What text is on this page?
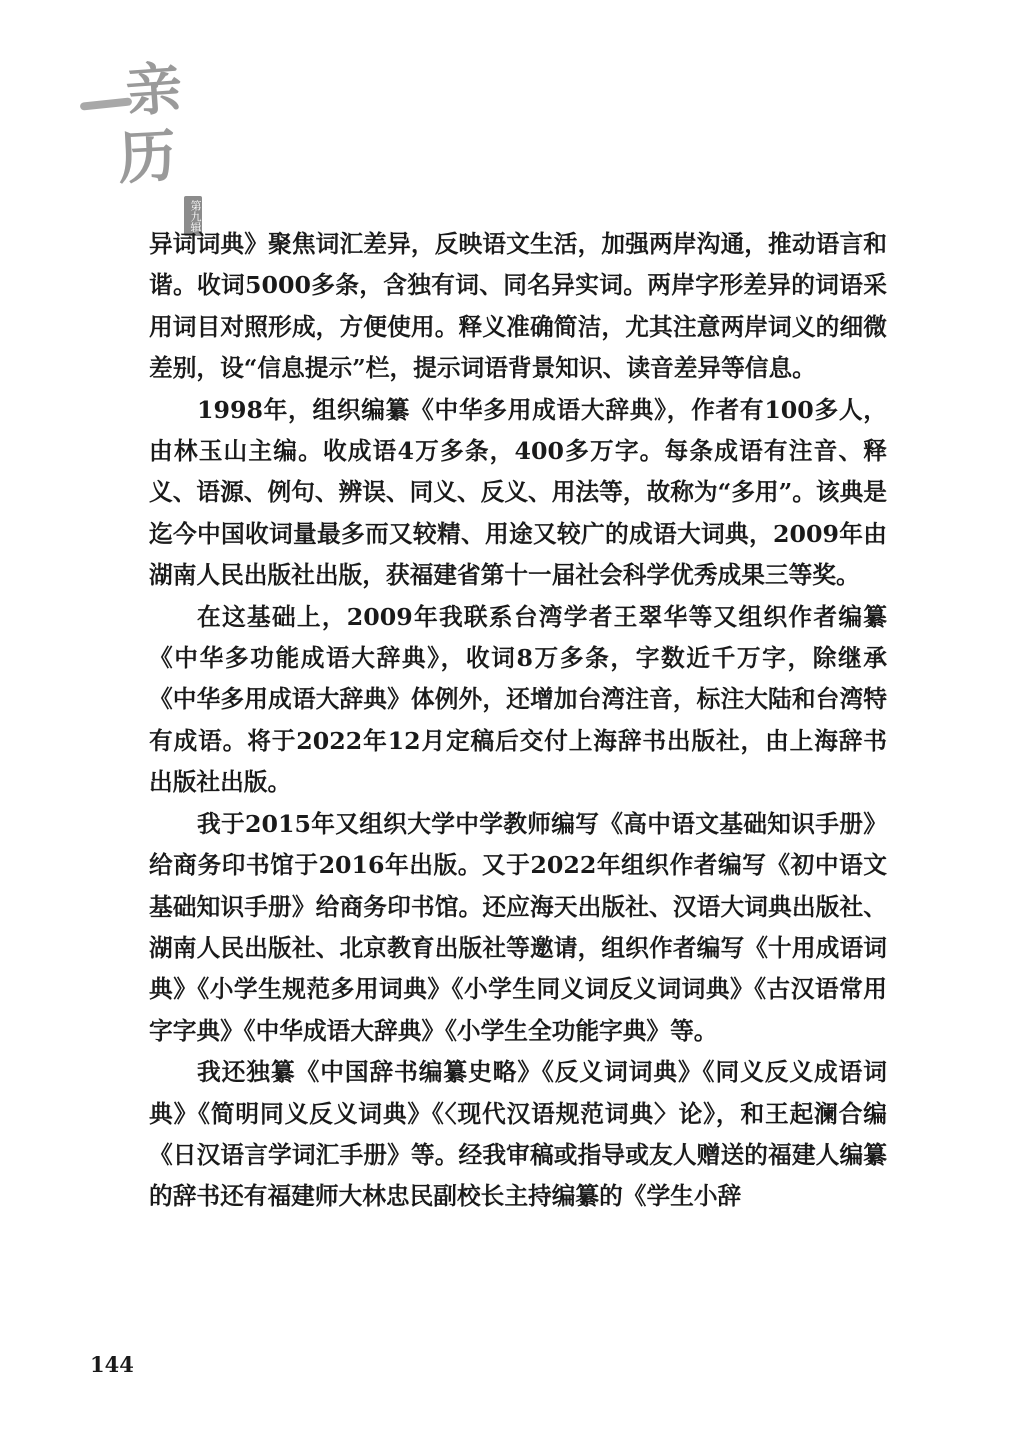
亲
历
第九辑

异词词典》聚焦词汇差异，反映语文生活，加强两岸沟通，推动语言和谐。收词5000多条，含独有词、同名异实词。两岸字形差异的词语采用词目对照形成，方便使用。释义准确简洁，尤其注意两岸词义的细微差别，设“信息提示”栏，提示词语背景知识、读音差异等信息。

1998年，组织编纂《中华多用成语大辞典》，作者有100多人，由林玉山主编。收成语4万多条，400多万字。每条成语有注音、释义、语源、例句、辨误、同义、反义、用法等，故称为“多用”。该典是迄今中国收词量最多而又较精、用途又较广的成语大词典，2009年由湖南人民出版社出版，获福建省第十一届社会科学优秀成果三等奖。

在这基础上，2009年我联系台湾学者王翠华等又组织作者编纂《中华多功能成语大辞典》，收词8万多条，字数近千万字，除继承《中华多用成语大辞典》体例外，还增加台湾注音，标注大陆和台湾特有成语。将于2022年12月定稿后交付上海辞书出版社，由上海辞书出版社出版。

我于2015年又组织大学中学教师编写《高中语文基础知识手册》给商务印书馆于2016年出版。又于2022年组织作者编写《初中语文基础知识手册》给商务印书馆。还应海天出版社、汉语大词典出版社、湖南人民出版社、北京教育出版社等邀请，组织作者编写《十用成语词典》《小学生规范多用词典》《小学生同义词反义词词典》《古汉语常用字字典》《中华成语大辞典》《小学生全功能字典》等。

我还独纂《中国辞书编纂史略》《反义词词典》《同义反义成语词典》《简明同义反义词典》《〈现代汉语规范词典〉论》，和王起澜合编《日汉语言学词汇手册》等。经我审稿或指导或友人赠送的福建人编纂的辞书还有福建师大林忠民副校长主持编纂的《学生小辞

144
